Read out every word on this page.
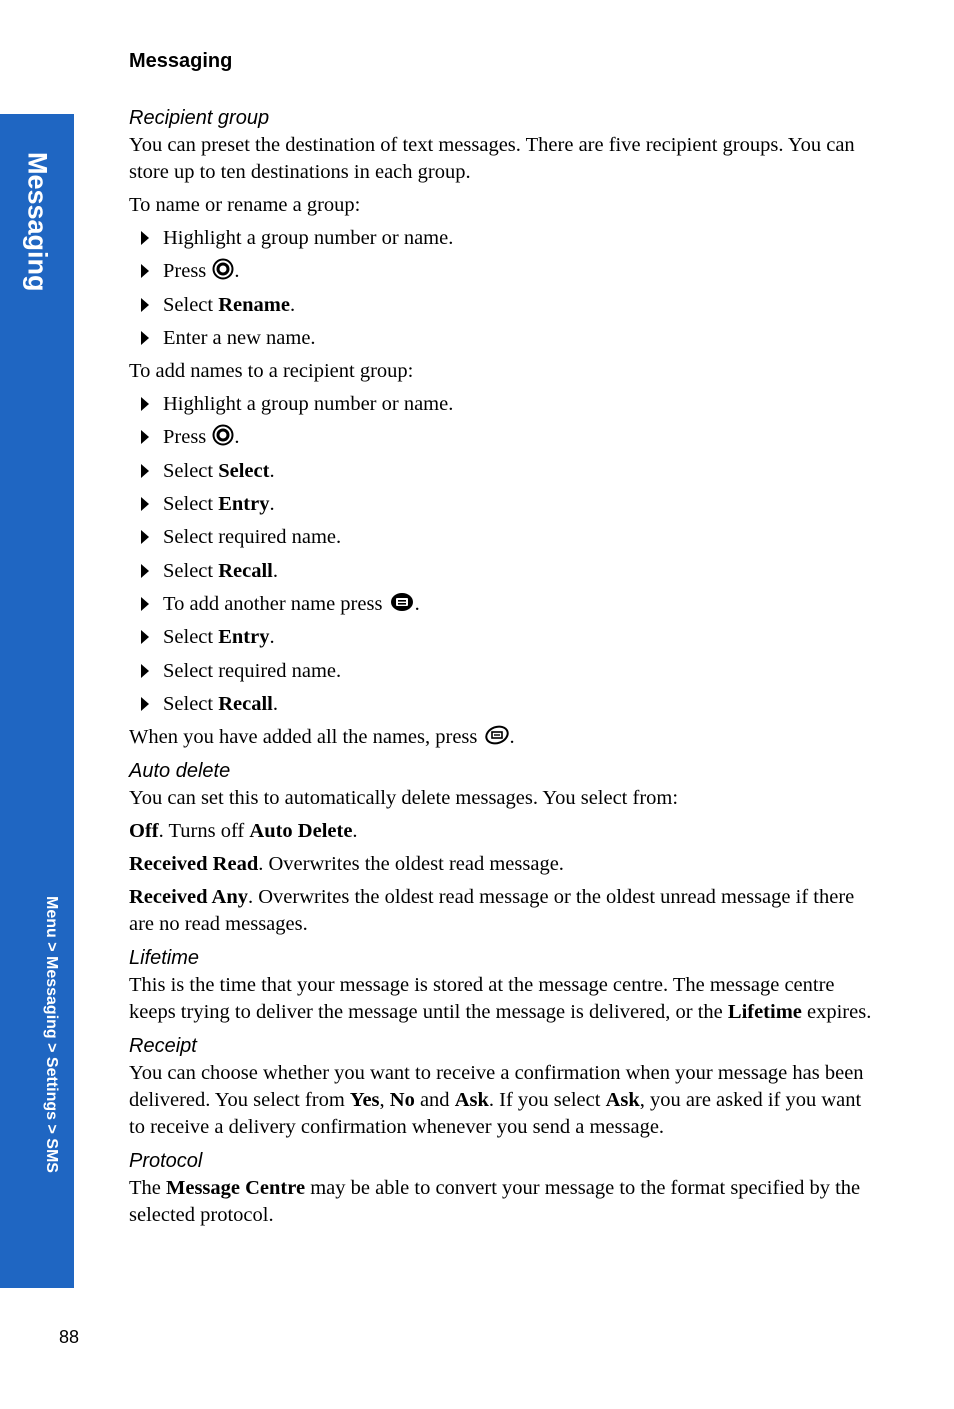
Messaging
Menu > Messaging > Settings > SMS
Messaging
Recipient group

You can preset the destination of text messages. There are five recipient groups. You can store up to ten destinations in each group.

To name or rename a group:

Highlight a group number or name.
Press .
Select Rename.
Enter a new name.

To add names to a recipient group:

Highlight a group number or name.
Press .
Select Select.
Select Entry.
Select required name.
Select Recall.
To add another name press .
Select Entry.
Select required name.
Select Recall.

When you have added all the names, press .

Auto delete

You can set this to automatically delete messages. You select from:

Off. Turns off Auto Delete.

Received Read. Overwrites the oldest read message.

Received Any. Overwrites the oldest read message or the oldest unread message if there are no read messages.

Lifetime

This is the time that your message is stored at the message centre. The message centre keeps trying to deliver the message until the message is delivered, or the Lifetime expires.

Receipt

You can choose whether you want to receive a confirmation when your message has been delivered. You select from Yes, No and Ask. If you select Ask, you are asked if you want to receive a delivery confirmation whenever you send a message.

Protocol

The Message Centre may be able to convert your message to the format specified by the selected protocol.

88
